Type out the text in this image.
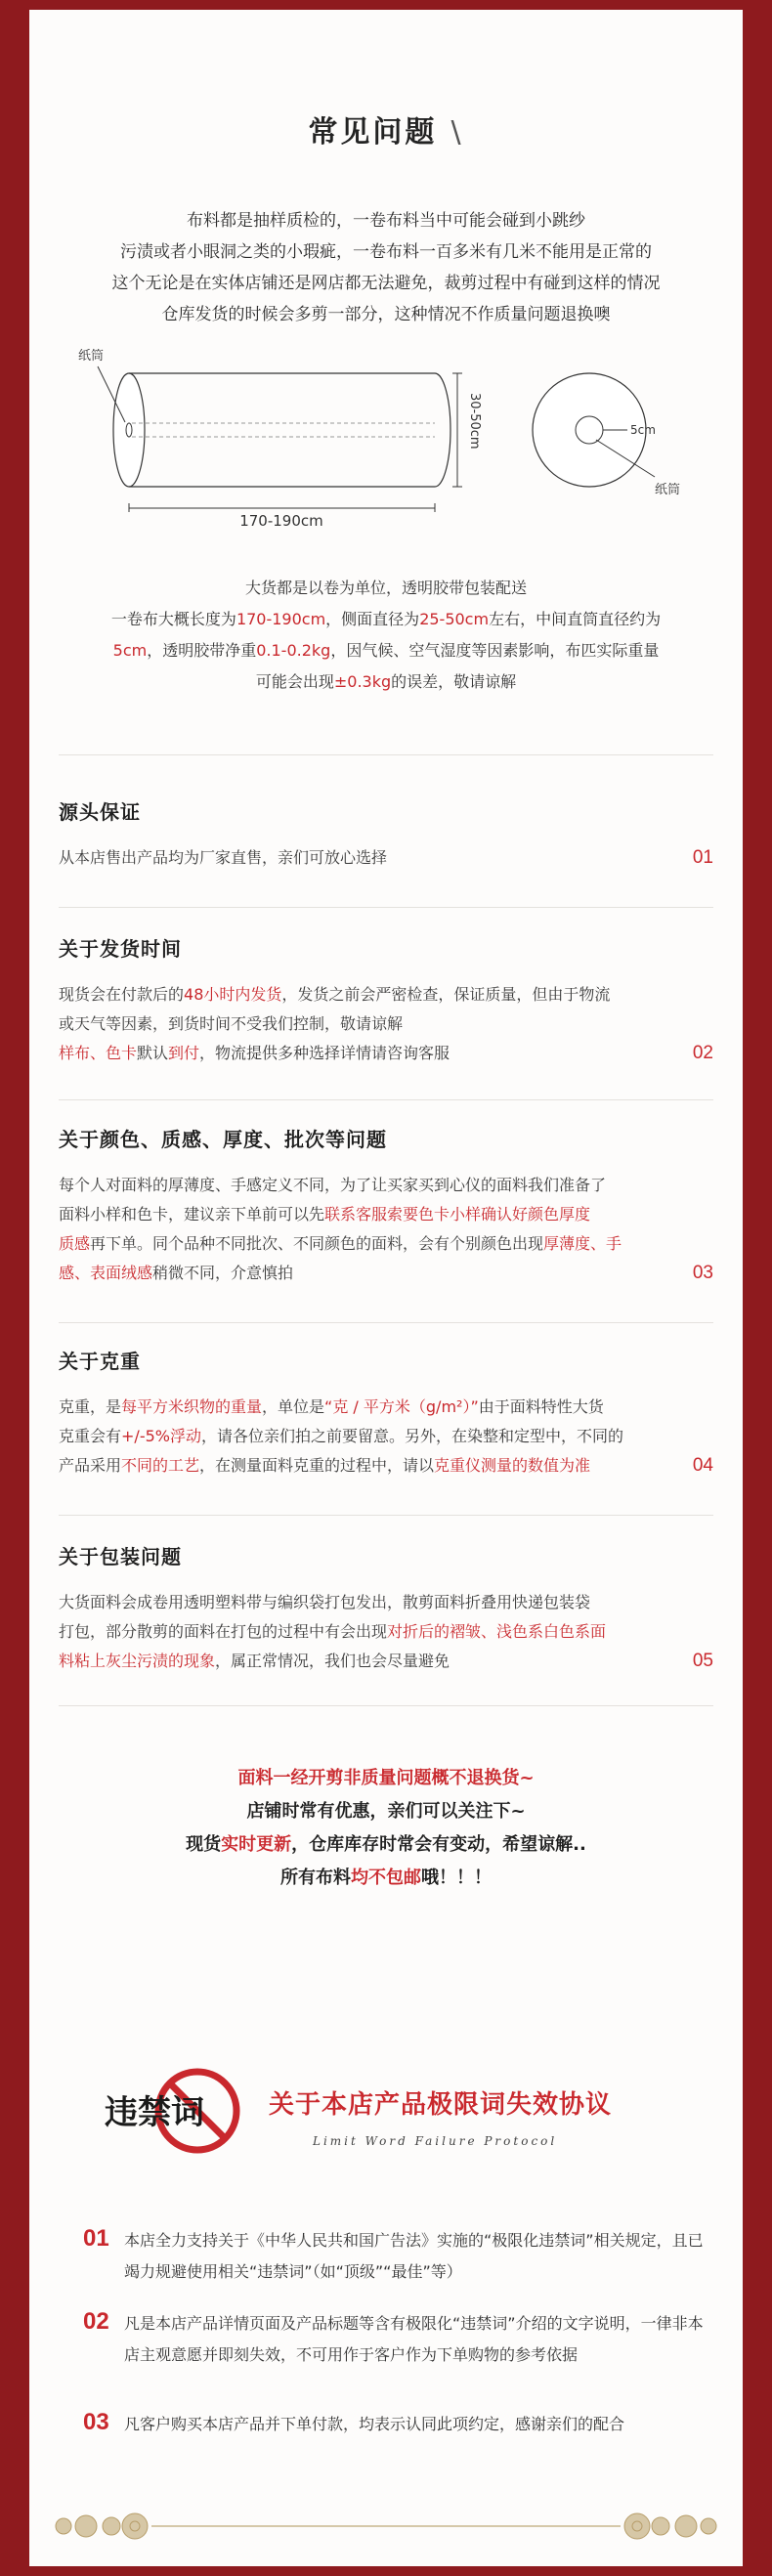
常见问题 \
布料都是抽样质检的，一卷布料当中可能会碰到小跳纱
污渍或者小眼洞之类的小瑕疵，一卷布料一百多米有几米不能用是正常的
这个无论是在实体店铺还是网店都无法避免，裁剪过程中有碰到这样的情况
仓库发货的时候会多剪一部分，这种情况不作质量问题退换噢
纸筒
170-190cm
30-50cm	5cm
纸筒
大货都是以卷为单位，透明胶带包装配送
一卷布大概长度为170-190cm，侧面直径为25-50cm左右，中间直筒直径约为
5cm，透明胶带净重0.1-0.2kg，因气候、空气湿度等因素影响，布匹实际重量
可能会出现±0.3kg的误差，敬请谅解
源头保证
从本店售出产品均为厂家直售，亲们可放心选择	01
关于发货时间
现货会在付款后的48小时内发货，发货之前会严密检查，保证质量，但由于物流
或天气等因素，到货时间不受我们控制，敬请谅解
样布、色卡默认到付，物流提供多种选择详情请咨询客服	02
关于颜色、质感、厚度、批次等问题
每个人对面料的厚薄度、手感定义不同，为了让买家买到心仪的面料我们准备了
面料小样和色卡，建议亲下单前可以先联系客服索要色卡小样确认好颜色厚度
质感再下单。同个品种不同批次、不同颜色的面料，会有个别颜色出现厚薄度、手
感、表面绒感稍微不同，介意慎拍	03
关于克重
克重，是每平方米织物的重量，单位是“克 / 平方米（g/m²）”由于面料特性大货
克重会有+/-5%浮动，请各位亲们拍之前要留意。另外，在染整和定型中，不同的
产品采用不同的工艺，在测量面料克重的过程中，请以克重仪测量的数值为准	04
关于包装问题
大货面料会成卷用透明塑料带与编织袋打包发出，散剪面料折叠用快递包装袋
打包，部分散剪的面料在打包的过程中有会出现对折后的褶皱、浅色系白色系面
料粘上灰尘污渍的现象，属正常情况，我们也会尽量避免	05
面料一经开剪非质量问题概不退换货~
店铺时常有优惠，亲们可以关注下~
现货实时更新，仓库库存时常会有变动，希望谅解..
所有布料均不包邮哦！！！
违禁词	关于本店产品极限词失效协议
Limit Word Failure Protocol
01 本店全力支持关于《中华人民共和国广告法》实施的“极限化违禁词”相关规定，且已竭力规避使用相关“违禁词”（如“顶级”“最佳”等）
02 凡是本店产品详情页面及产品标题等含有极限化“违禁词”介绍的文字说明，一律非本店主观意愿并即刻失效，不可用作于客户作为下单购物的参考依据
03 凡客户购买本店产品并下单付款，均表示认同此项约定，感谢亲们的配合
